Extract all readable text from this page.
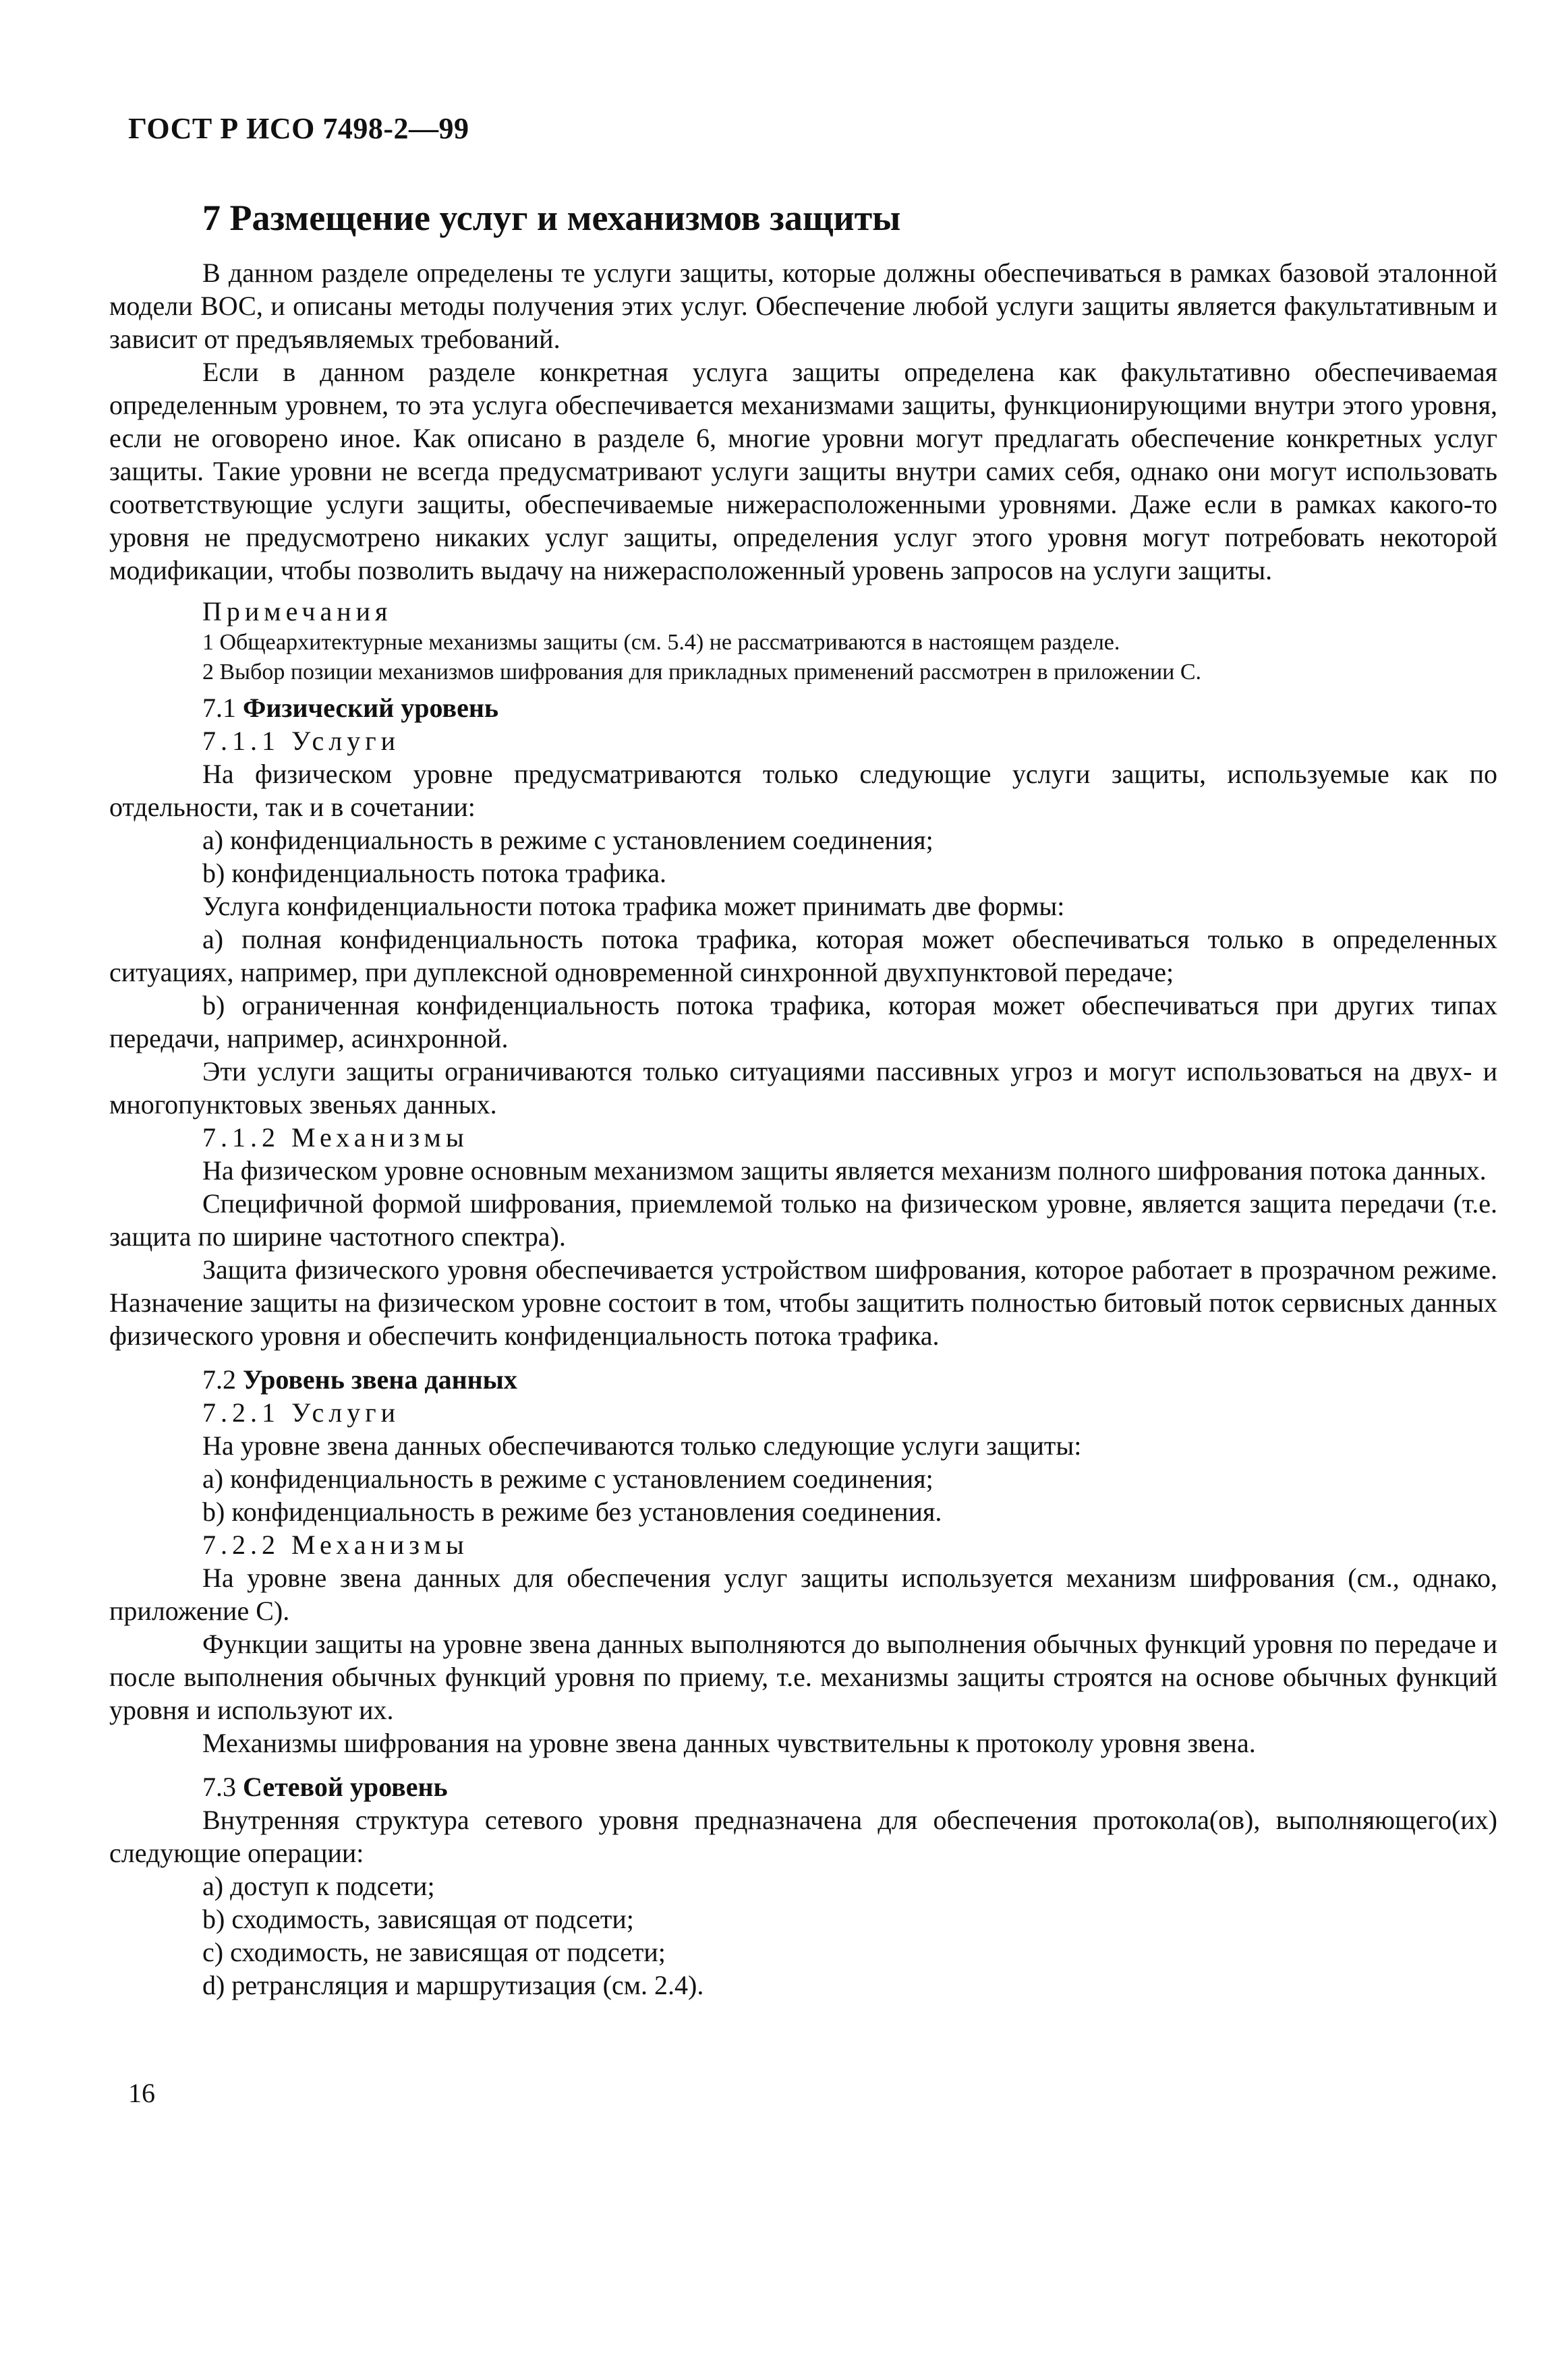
ГОСТ Р ИСО 7498-2—99
7 Размещение услуг и механизмов защиты

В данном разделе определены те услуги защиты, которые должны обеспечиваться в рамках базовой эталонной модели ВОС, и описаны методы получения этих услуг. Обеспечение любой услуги защиты является факультативным и зависит от предъявляемых требований.

Если в данном разделе конкретная услуга защиты определена как факультативно обеспечиваемая определенным уровнем, то эта услуга обеспечивается механизмами защиты, функционирующими внутри этого уровня, если не оговорено иное. Как описано в разделе 6, многие уровни могут предлагать обеспечение конкретных услуг защиты. Такие уровни не всегда предусматривают услуги защиты внутри самих себя, однако они могут использовать соответствующие услуги защиты, обеспечиваемые нижерасположенными уровнями. Даже если в рамках какого-то уровня не предусмотрено никаких услуг защиты, определения услуг этого уровня могут потребовать некоторой модификации, чтобы позволить выдачу на нижерасположенный уровень запросов на услуги защиты.

Примечания

1 Общеархитектурные механизмы защиты (см. 5.4) не рассматриваются в настоящем разделе.

2 Выбор позиции механизмов шифрования для прикладных применений рассмотрен в приложении С.

7.1 Физический уровень
7.1.1 Услуги

На физическом уровне предусматриваются только следующие услуги защиты, используемые как по отдельности, так и в сочетании:

a) конфиденциальность в режиме с установлением соединения;

b) конфиденциальность потока трафика.

Услуга конфиденциальности потока трафика может принимать две формы:

a) полная конфиденциальность потока трафика, которая может обеспечиваться только в определенных ситуациях, например, при дуплексной одновременной синхронной двухпунктовой передаче;

b) ограниченная конфиденциальность потока трафика, которая может обеспечиваться при других типах передачи, например, асинхронной.

Эти услуги защиты ограничиваются только ситуациями пассивных угроз и могут использоваться на двух- и многопунктовых звеньях данных.

7.1.2 Механизмы

На физическом уровне основным механизмом защиты является механизм полного шифрования потока данных.

Специфичной формой шифрования, приемлемой только на физическом уровне, является защита передачи (т.е. защита по ширине частотного спектра).

Защита физического уровня обеспечивается устройством шифрования, которое работает в прозрачном режиме. Назначение защиты на физическом уровне состоит в том, чтобы защитить полностью битовый поток сервисных данных физического уровня и обеспечить конфиденциальность потока трафика.

7.2 Уровень звена данных
7.2.1 Услуги

На уровне звена данных обеспечиваются только следующие услуги защиты:

a) конфиденциальность в режиме с установлением соединения;

b) конфиденциальность в режиме без установления соединения.

7.2.2 Механизмы

На уровне звена данных для обеспечения услуг защиты используется механизм шифрования (см., однако, приложение С).

Функции защиты на уровне звена данных выполняются до выполнения обычных функций уровня по передаче и после выполнения обычных функций уровня по приему, т.е. механизмы защиты строятся на основе обычных функций уровня и используют их.

Механизмы шифрования на уровне звена данных чувствительны к протоколу уровня звена.

7.3 Сетевой уровень

Внутренняя структура сетевого уровня предназначена для обеспечения протокола(ов), выполняющего(их) следующие операции:

a) доступ к подсети;

b) сходимость, зависящая от подсети;

c) сходимость, не зависящая от подсети;

d) ретрансляция и маршрутизация (см. 2.4).

16
